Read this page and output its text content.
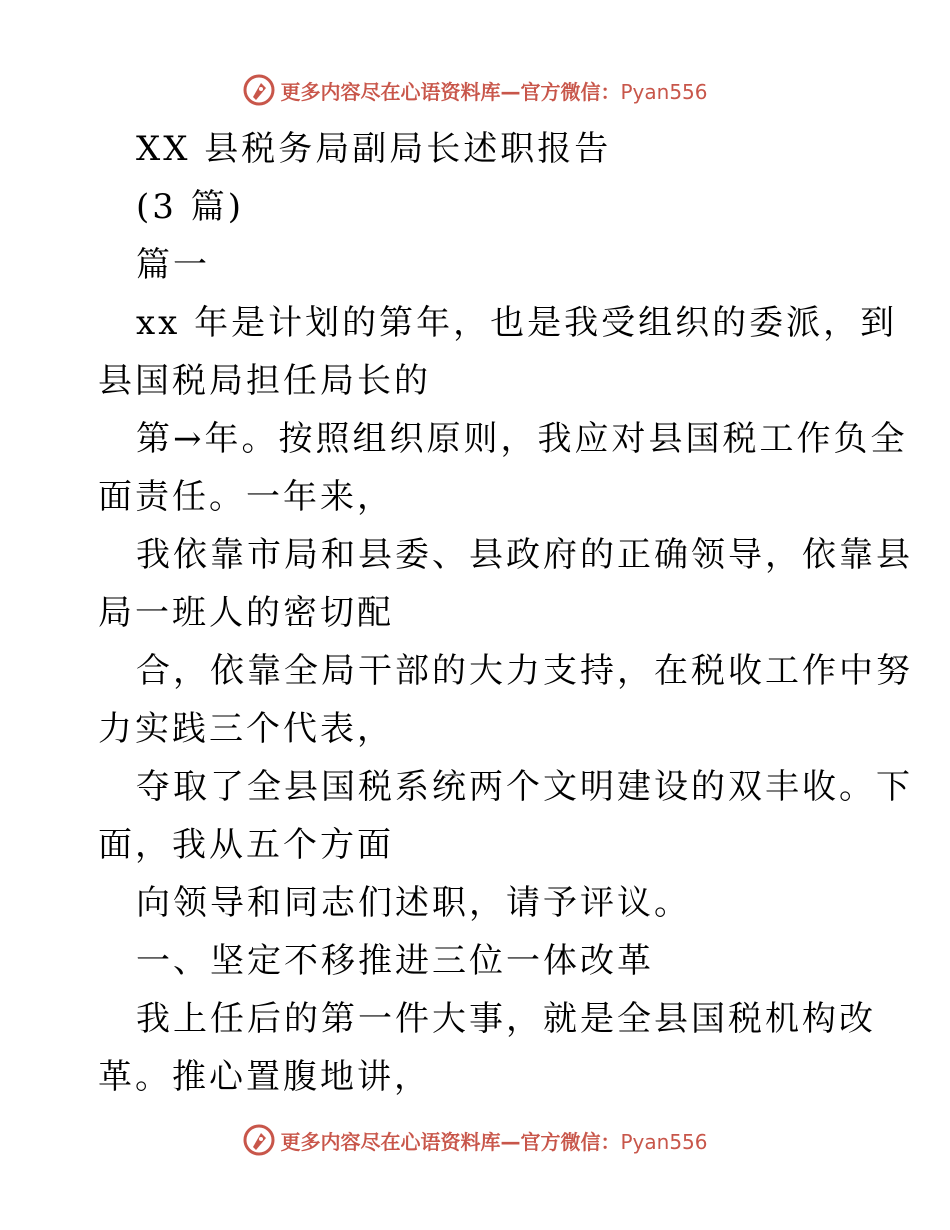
更多内容尽在心语资料库—官方微信：Pyan556
XX 县税务局副局长述职报告
(3 篇)
篇一
xx 年是计划的第年，也是我受组织的委派，到
县国税局担任局长的
第→年。按照组织原则，我应对县国税工作负全
面责任。一年来，
我依靠市局和县委、县政府的正确领导，依靠县
局一班人的密切配
合，依靠全局干部的大力支持，在税收工作中努
力实践三个代表，
夺取了全县国税系统两个文明建设的双丰收。下
面，我从五个方面
向领导和同志们述职，请予评议。
一、坚定不移推进三位一体改革
我上任后的第一件大事，就是全县国税机构改
革。推心置腹地讲，
更多内容尽在心语资料库—官方微信：Pyan556
